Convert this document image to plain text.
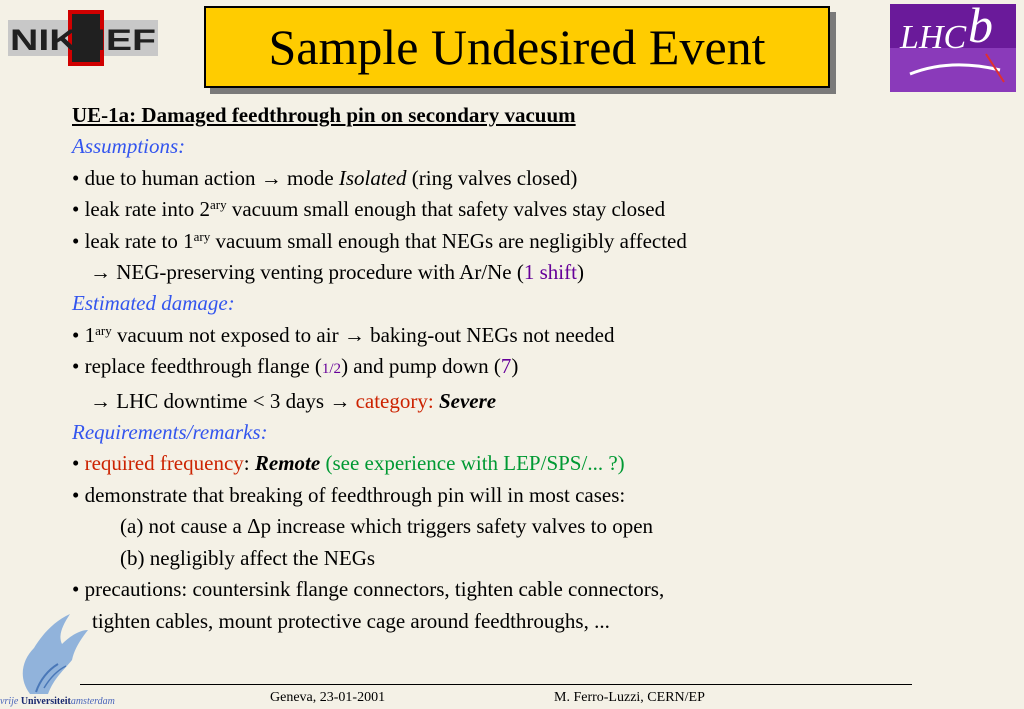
NIKHEF	LHC b
Sample Undesired Event
UE-1a: Damaged feedthrough pin on secondary vacuum
Assumptions:
• due to human action → mode Isolated (ring valves closed)
• leak rate into $2^{ary}$ vacuum small enough that safety valves stay closed
• leak rate to $1^{ary}$ vacuum small enough that NEGs are negligibly affected
→ NEG-preserving venting procedure with Ar/Ne (1 shift)
Estimated damage:
• $1^{ary}$ vacuum not exposed to air → baking-out NEGs not needed
• replace feedthrough flange (1/2) and pump down (7)
→ LHC downtime < 3 days → category: Severe
Requirements/remarks:
• required frequency: Remote (see experience with LEP/SPS/... ?)
• demonstrate that breaking of feedthrough pin will in most cases:
(a) not cause a Δp increase which triggers safety valves to open
(b) negligibly affect the NEGs
• precautions: countersink flange connectors, tighten cable connectors,
tighten cables, mount protective cage around feedthroughs, ...
vrije Universiteitamsterdam	Geneva, 23-01-2001	M. Ferro-Luzzi, CERN/EP
